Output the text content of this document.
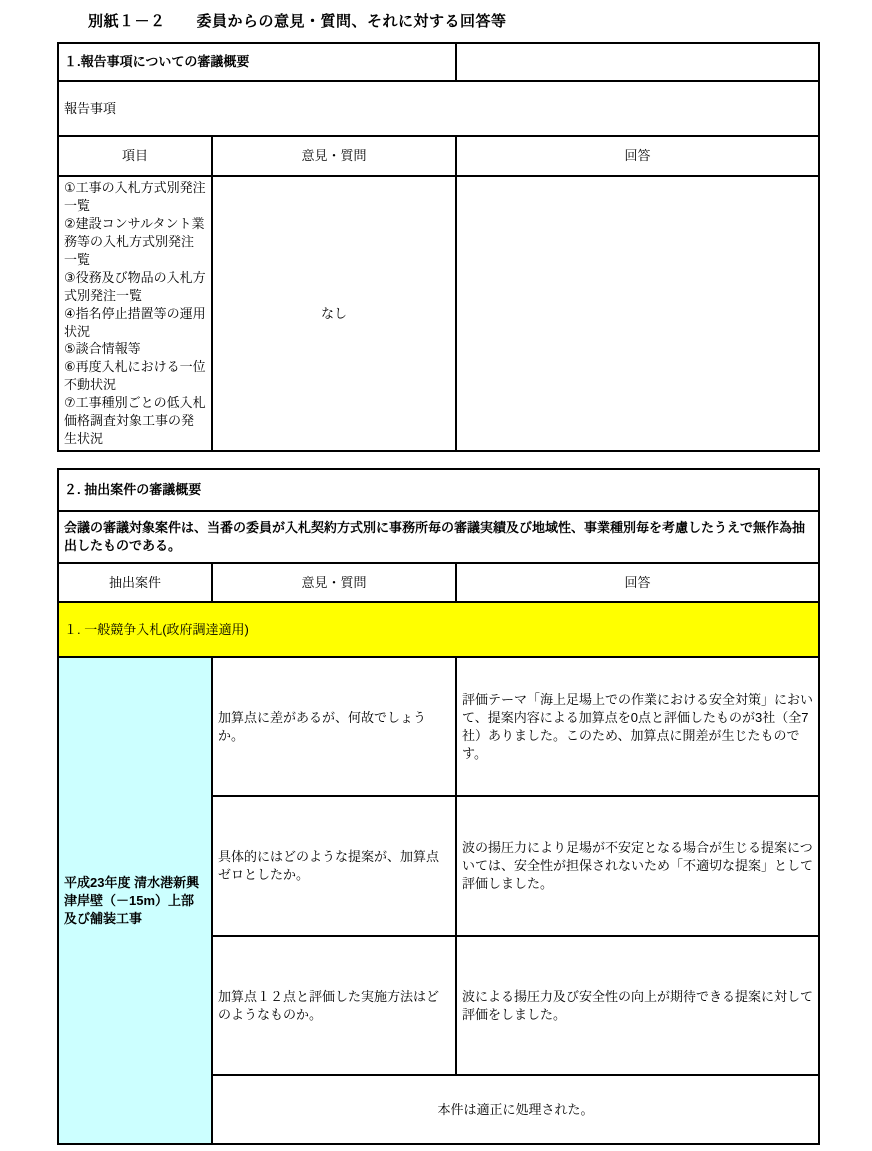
別紙１－２　　委員からの意見・質問、それに対する回答等
１.報告事項についての審議概要		
報告事項		
項目	意見・質問	回答

①工事の入札方式別発注一覧
②建設コンサルタント業務等の入札方式別発注一覧
③役務及び物品の入札方式別発注一覧
④指名停止措置等の運用状況
⑤談合情報等
⑥再度入札における一位不動状況
⑦工事種別ごとの低入札価格調査対象工事の発生状況
	なし	
２. 抽出案件の審議概要		
会議の審議対象案件は、当番の委員が入札契約方式別に事務所毎の審議実績及び地域性、事業種別毎を考慮したうえで無作為抽出したものである。		
抽出案件	意見・質問	回答
１. 一般競争入札(政府調達適用)		
平成23年度 清水港新興津岸壁（－15m）上部及び舗装工事	加算点に差があるが、何故でしょうか。	評価テーマ「海上足場上での作業における安全対策」において、提案内容による加算点を0点と評価したものが3社（全7社）ありました。このため、加算点に開差が生じたものです。
	具体的にはどのような提案が、加算点ゼロとしたか。	波の揚圧力により足場が不安定となる場合が生じる提案については、安全性が担保されないため「不適切な提案」として評価しました。
	加算点１２点と評価した実施方法はどのようなものか。	波による揚圧力及び安全性の向上が期待できる提案に対して評価をしました。
	本件は適正に処理された。	
